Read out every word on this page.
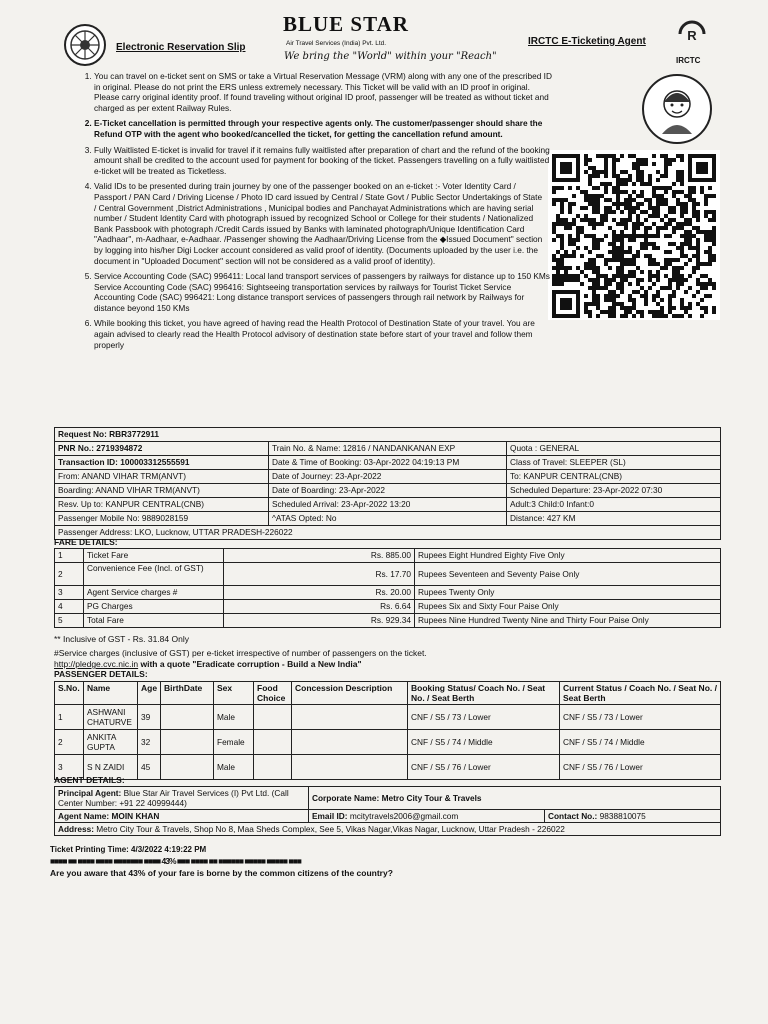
Electronic Reservation Slip
BLUE STAR
Air Travel Services (India) Pvt. Ltd.
We bring the "World" within your "Reach"
IRCTC E-Ticketing Agent	R
IRCTC
1. You can travel on e-ticket sent on SMS or take a Virtual Reservation Message (VRM) along with any one of the prescribed ID in original. Please do not print the ERS unless extremely necessary. This Ticket will be valid with an ID proof in original. Please carry original identity proof. If found traveling without original ID proof, passenger will be treated as without ticket and charged as per extent Railway Rules.
2. E-Ticket cancellation is permitted through your respective agents only. The customer/passenger should share the Refund OTP with the agent who booked/cancelled the ticket, for getting the cancellation refund amount.
3. Fully Waitlisted E-ticket is invalid for travel if it remains fully waitlisted after preparation of chart and the refund of the booking amount shall be credited to the account used for payment for booking of the ticket. Passengers travelling on a fully waitlisted e-ticket will be treated as Ticketless.
4. Valid IDs to be presented during train journey by one of the passenger booked on an e-ticket :- Voter Identity Card / Passport / PAN Card / Driving License / Photo ID card issued by Central / State Govt / Public Sector Undertakings of State / Central Government ,District Administrations , Municipal bodies and Panchayat Administrations which are having serial number / Student Identity Card with photograph issued by recognized School or College for their students / Nationalized Bank Passbook with photograph /Credit Cards issued by Banks with laminated photograph/Unique Identification Card "Aadhaar", m-Aadhaar, e-Aadhaar. /Passenger showing the Aadhaar/Driving License from the ◆Issued Document" section by logging into his/her Digi Locker account considered as valid proof of identity. (Documents uploaded by the user i.e. the document in "Uploaded Document" section will not be considered as a valid proof of identity).
5. Service Accounting Code (SAC) 996411: Local land transport services of passengers by railways for distance up to 150 KMs Service Accounting Code (SAC) 996416: Sightseeing transportation services by railways for Tourist Ticket Service Accounting Code (SAC) 996421: Long distance transport services of passengers through rail network by Railways for distance beyond 150 KMs
6. While booking this ticket, you have agreed of having read the Health Protocol of Destination State of your travel. You are again advised to clearly read the Health Protocol advisory of destination state before start of your travel and follow them properly
Request No: RBR3772911		
PNR No.: 2719394872	Train No. & Name: 12816 / NANDANKANAN EXP	Quota : GENERAL
Transaction ID: 100003312555591	Date & Time of Booking: 03-Apr-2022 04:19:13 PM	Class of Travel: SLEEPER (SL)
From: ANAND VIHAR TRM(ANVT)	Date of Journey: 23-Apr-2022	To: KANPUR CENTRAL(CNB)
Boarding: ANAND VIHAR TRM(ANVT)	Date of Boarding: 23-Apr-2022	Scheduled Departure: 23-Apr-2022 07:30
Resv. Up to: KANPUR CENTRAL(CNB)	Scheduled Arrival: 23-Apr-2022 13:20	Adult:3 Child:0 Infant:0
Passenger Mobile No: 9889028159	^ATAS Opted: No	Distance: 427 KM
Passenger Address: LKO, Lucknow, UTTAR PRADESH-226022		
FARE DETAILS:
1	Ticket Fare	Rs. 885.00	Rupees Eight Hundred Eighty Five Only
2	Convenience Fee (Incl. of GST)	Rs. 17.70	Rupees Seventeen and Seventy Paise Only
3	Agent Service charges #	Rs. 20.00	Rupees Twenty Only
4	PG Charges	Rs. 6.64	Rupees Six and Sixty Four Paise Only
5	Total Fare	Rs. 929.34	Rupees Nine Hundred Twenty Nine and Thirty Four Paise Only
** Inclusive of GST - Rs. 31.84 Only
#Service charges (inclusive of GST) per e-ticket irrespective of number of passengers on the ticket.
http://pledge.cvc.nic.in with a quote "Eradicate corruption - Build a New India"
PASSENGER DETAILS:
S.No.	Name	Age	BirthDate	Sex	Food Choice	Concession Description	Booking Status/ Coach No. / Seat No. / Seat Berth	Current Status / Coach No. / Seat No. / Seat Berth
1	ASHWANI CHATURVE	39		Male			CNF / S5 / 73 / Lower	CNF / S5 / 73 / Lower
2	ANKITA GUPTA	32		Female			CNF / S5 / 74 / Middle	CNF / S5 / 74 / Middle
3	S N ZAIDI	45		Male			CNF / S5 / 76 / Lower	CNF / S5 / 76 / Lower
AGENT DETAILS:
Principal Agent: Blue Star Air Travel Services (I) Pvt Ltd. (Call Center Number: +91 22 40999444)	Corporate Name: Metro City Tour & Travels	
Agent Name: MOIN KHAN	Email ID: mcitytravels2006@gmail.com	Contact No.: 9838810075
Address: Metro City Tour & Travels, Shop No 8, Maa Sheds Complex, See 5, Vikas Nagar,Vikas Nagar, Lucknow, Uttar Pradesh - 226022		
Ticket Printing Time: 4/3/2022 4:19:22 PM
■■■■ ■■ ■■■■ ■■■■ ■■■■■■■ ■■■■ 43% ■■■ ■■■■ ■■ ■■■■■■ ■■■■■ ■■■■■ ■■■
Are you aware that 43% of your fare is borne by the common citizens of the country?
